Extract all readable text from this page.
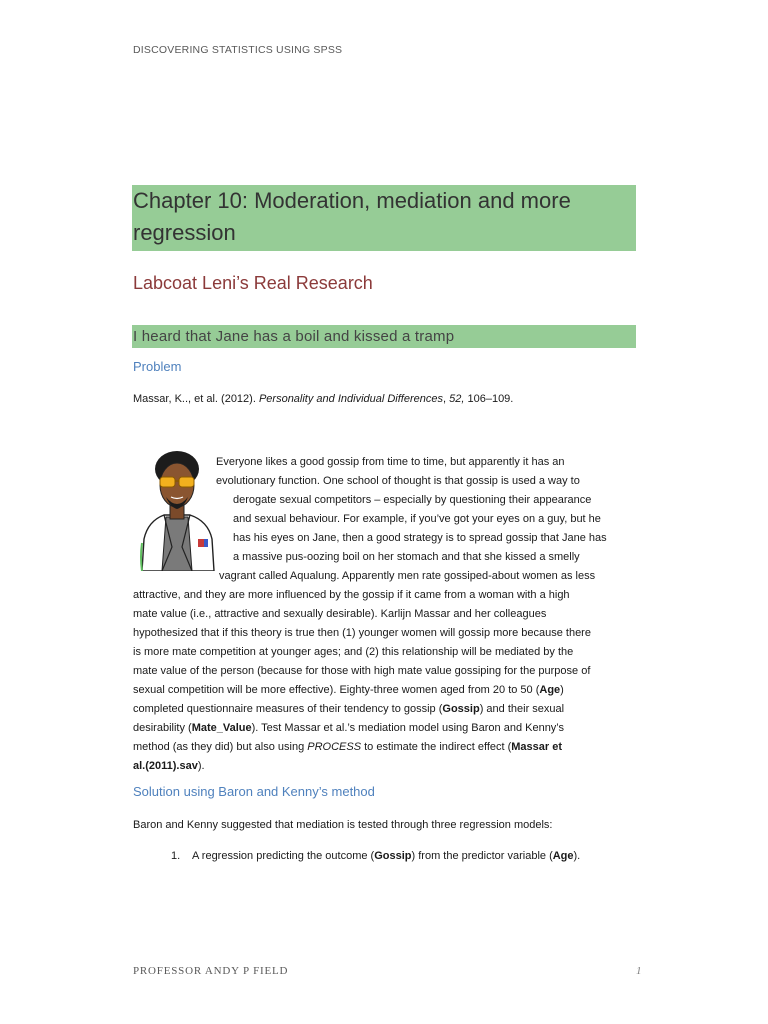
DISCOVERING STATISTICS USING SPSS
Chapter 10: Moderation, mediation and more
regression
Labcoat Leni’s Real Research
I heard that Jane has a boil and kissed a tramp
Problem
Massar, K.., et al. (2012). Personality and Individual Differences, 52, 106–109.
Everyone likes a good gossip from time to time, but apparently it has an
evolutionary function. One school of thought is that gossip is used a way to
derogate sexual competitors – especially by questioning their appearance
and sexual behaviour. For example, if you’ve got your eyes on a guy, but he
has his eyes on Jane, then a good strategy is to spread gossip that Jane has
a massive pus-oozing boil on her stomach and that she kissed a smelly
vagrant called Aqualung. Apparently men rate gossiped-about women as less
attractive, and they are more influenced by the gossip if it came from a woman with a high
mate value (i.e., attractive and sexually desirable). Karlijn Massar and her colleagues
hypothesized that if this theory is true then (1) younger women will gossip more because there
is more mate competition at younger ages; and (2) this relationship will be mediated by the
mate value of the person (because for those with high mate value gossiping for the purpose of
sexual competition will be more effective). Eighty-three women aged from 20 to 50 (Age)
completed questionnaire measures of their tendency to gossip (Gossip) and their sexual
desirability (Mate_Value). Test Massar et al.’s mediation model using Baron and Kenny’s
method (as they did) but also using PROCESS to estimate the indirect effect (Massar et
al.(2011).sav).
Solution using Baron and Kenny’s method
Baron and Kenny suggested that mediation is tested through three regression models:
1. A regression predicting the outcome (Gossip) from the predictor variable (Age).
PROFESSOR ANDY P FIELD	1
